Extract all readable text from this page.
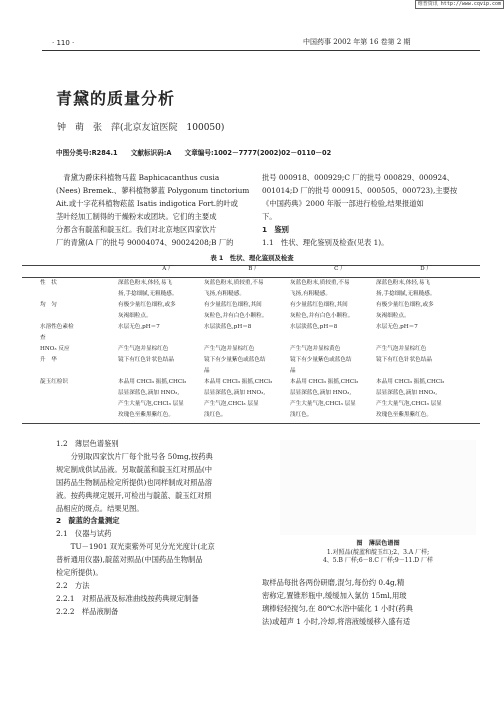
维普资讯 http://www.cqvip.com
· 110 ·	中国药事 2002 年第 16 卷第 2 期
青黛的质量分析
钟　萌　张　萍(北京友谊医院　100050)
中图分类号:R284.1　　文献标识码:A　　文章编号:1002－7777(2002)02－0110－02
　青黛为爵床科植物马蓝 Baphicacanthus cusia
(Nees) Bremek.、蓼科植物蓼蓝 Polygonum tinctorium
Ait.或十字花科植物菘蓝 Isatis indigotica Fort.的叶或
茎叶经加工制得的干燥粉末或团块。它们的主要成
分都含有靛蓝和靛玉红。我们对北京地区四家饮片
厂的青黛(A 厂的批号 90004074、90024208;B 厂的
批号 000918、000929;C 厂的批号 000829、000924、
001014;D 厂的批号 000915、000505、000723),主要按
《中国药典》2000 年版一部进行检验,结果报道如
下。
1　鉴别
1.1　性状、理化鉴别及检查(见表 1)。
表 1　性状、理化鉴别及检查
A 厂	B 厂	C 厂	D 厂
性　状	深蓝色粉末,体轻,易飞	灰蓝色粉末,质较重,不易	灰蓝色粉末,质较重,不易	深蓝色粉末,体轻,易飞
扬,手捻细腻,无粗糙感。	飞扬,有粗糙感。	飞扬,有粗糙感。	扬,手捻细腻,无粗糙感。
均　匀	有极少量红色细粒,或多	有少量蓝红色细粒,其间	有少量蓝红色细粒,其间	有极少量红色细粒,或多
灰褐细粒点。	灰粒色,并有白色小颗粒。	灰粒色,并有白色小颗粒。	灰褐细粒点。
水溶性色素检	水层无色,pH＝7	水层淡蓝色,pH＝8	水层淡蓝色,pH＝8	水层无色,pH＝7
查
HNO₃ 反应	产生气泡并显棕红色	产生气泡并显棕红色	产生气泡并显棕黄色	产生气泡并显棕红色
升　华	镜下有红色针状色结晶	镜下有少量紫色或蓝色结	镜下有少量紫色或蓝色结	镜下有红色针状色结晶
晶	晶
靛玉红检识	本品用 CHCl₃ 振摇,CHCl₃	本品用 CHCl₃ 振摇,CHCl₃	本品用 CHCl₃ 振摇,CHCl₃	本品用 CHCl₃ 振摇,CHCl₃
层显深蓝色,滴加 HNO₃,	层显深蓝色,滴加 HNO₃,	层显深蓝色,滴加 HNO₃,	层显深蓝色,滴加 HNO₃,
产生大量气泡,CHCl₃ 层显	产生气泡,CHCl₃ 层显	产生大量气泡,CHCl₃ 层显	产生大量气泡,CHCl₃ 层显
玫瑰色至紫黑紫红色。	浅红色。	浅红色。	玫瑰色至紫黑紫红色。
1.2　薄层色谱鉴别
　　分别取四家饮片厂每个批号各 50mg,按药典
规定制成供试品液。另取靛蓝和靛玉红对照品(中
国药品生物制品检定所提供)也同样制成对照品溶
液。按药典规定展开,可检出与靛蓝、靛玉红对照
品相应的斑点。结果见图。
2　靛蓝的含量测定
2.1　仪器与试药
　　TU－1901 双光束紫外可见分光光度计(北京
普析通用仪器),靛蓝对照品(中国药品生物制品
检定所提供)。
2.2　方法
2.2.1　对照品液及标准曲线按药典规定制备
2.2.2　样品液制备
图　薄层色谱图
1.对照品(靛蓝和靛玉红);2、3.A 厂样;
4、5.B 厂样;6－8.C 厂样;9－11.D 厂样
取样品每批各两份研磨,混匀,每份约 0.4g,精
密称定,置锥形瓶中,缓缓加入氯仿 15ml,用玻
璃棒轻轻搅匀,在 80℃水浴中硫化 1 小时(药典
法)或超声 1 小时,冷却,将溶液缓缓移入盛有适
